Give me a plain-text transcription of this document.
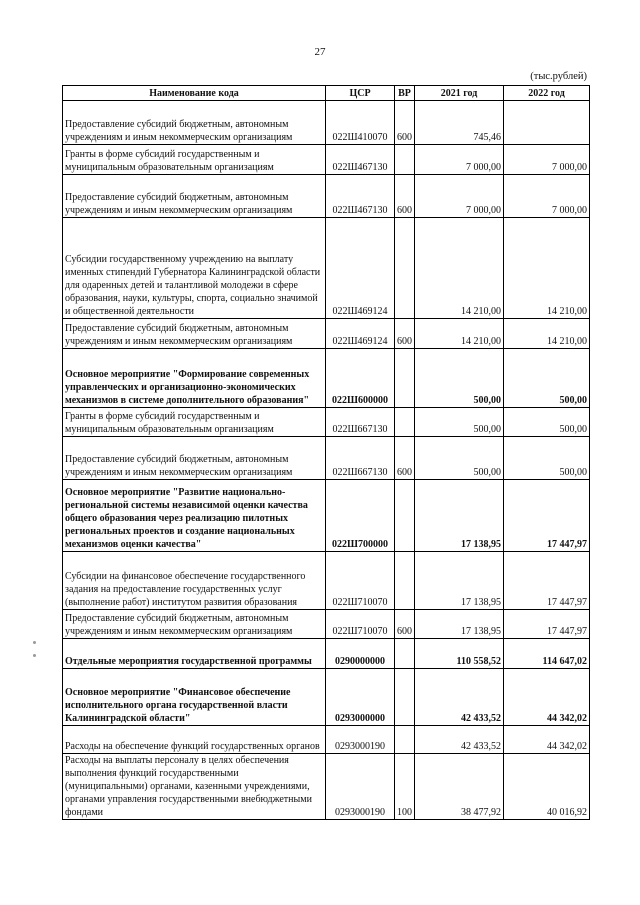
27
(тыс.рублей)
Наименование кода	ЦСР	ВР	2021 год	2022 год
Предоставление субсидий бюджетным, автономным учреждениям и иным некоммерческим организациям	022Ш410070	600	745,46	
Гранты в форме субсидий государственным и муниципальным образовательным организациям	022Ш467130		7 000,00	7 000,00
Предоставление субсидий бюджетным, автономным учреждениям и иным некоммерческим организациям	022Ш467130	600	7 000,00	7 000,00
Субсидии государственному учреждению на выплату именных стипендий Губернатора Калининградской области для одаренных детей и талантливой молодежи в сфере образования, науки, культуры, спорта, социально значимой и общественной деятельности	022Ш469124		14 210,00	14 210,00
Предоставление субсидий бюджетным, автономным учреждениям и иным некоммерческим организациям	022Ш469124	600	14 210,00	14 210,00
Основное мероприятие "Формирование современных управленческих и организационно-экономических механизмов в системе дополнительного образования"	022Ш600000		500,00	500,00
Гранты в форме субсидий государственным и муниципальным образовательным организациям	022Ш667130		500,00	500,00
Предоставление субсидий бюджетным, автономным учреждениям и иным некоммерческим организациям	022Ш667130	600	500,00	500,00
Основное мероприятие "Развитие национально-региональной системы независимой оценки качества общего образования через реализацию пилотных региональных проектов и создание национальных механизмов оценки качества"	022Ш700000		17 138,95	17 447,97
Субсидии на финансовое обеспечение государственного задания на предоставление государственных услуг (выполнение работ) институтом развития образования	022Ш710070		17 138,95	17 447,97
Предоставление субсидий бюджетным, автономным учреждениям и иным некоммерческим организациям	022Ш710070	600	17 138,95	17 447,97
Отдельные мероприятия государственной программы	0290000000		110 558,52	114 647,02
Основное мероприятие "Финансовое обеспечение исполнительного органа государственной власти Калининградской области"	0293000000		42 433,52	44 342,02
Расходы на обеспечение функций государственных органов	0293000190		42 433,52	44 342,02
Расходы на выплаты персоналу в целях обеспечения выполнения функций государственными (муниципальными) органами, казенными учреждениями, органами управления государственными внебюджетными фондами	0293000190	100	38 477,92	40 016,92
